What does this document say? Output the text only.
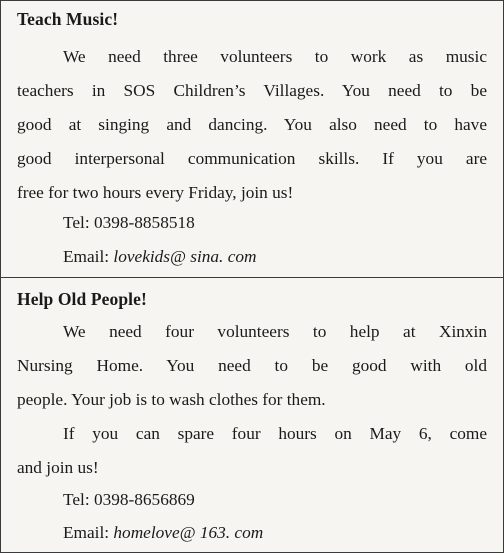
Teach Music!
We need three volunteers to work as music
teachers in SOS Children’s Villages. You need to be
good at singing and dancing. You also need to have
good interpersonal communication skills. If you are
free for two hours every Friday, join us!
Tel: 0398-8858518
Email: lovekids@ sina. com
Help Old People!
We need four volunteers to help at Xinxin
Nursing Home. You need to be good with old
people. Your job is to wash clothes for them.
If you can spare four hours on May 6, come
and join us!
Tel: 0398-8656869
Email: homelove@ 163. com
